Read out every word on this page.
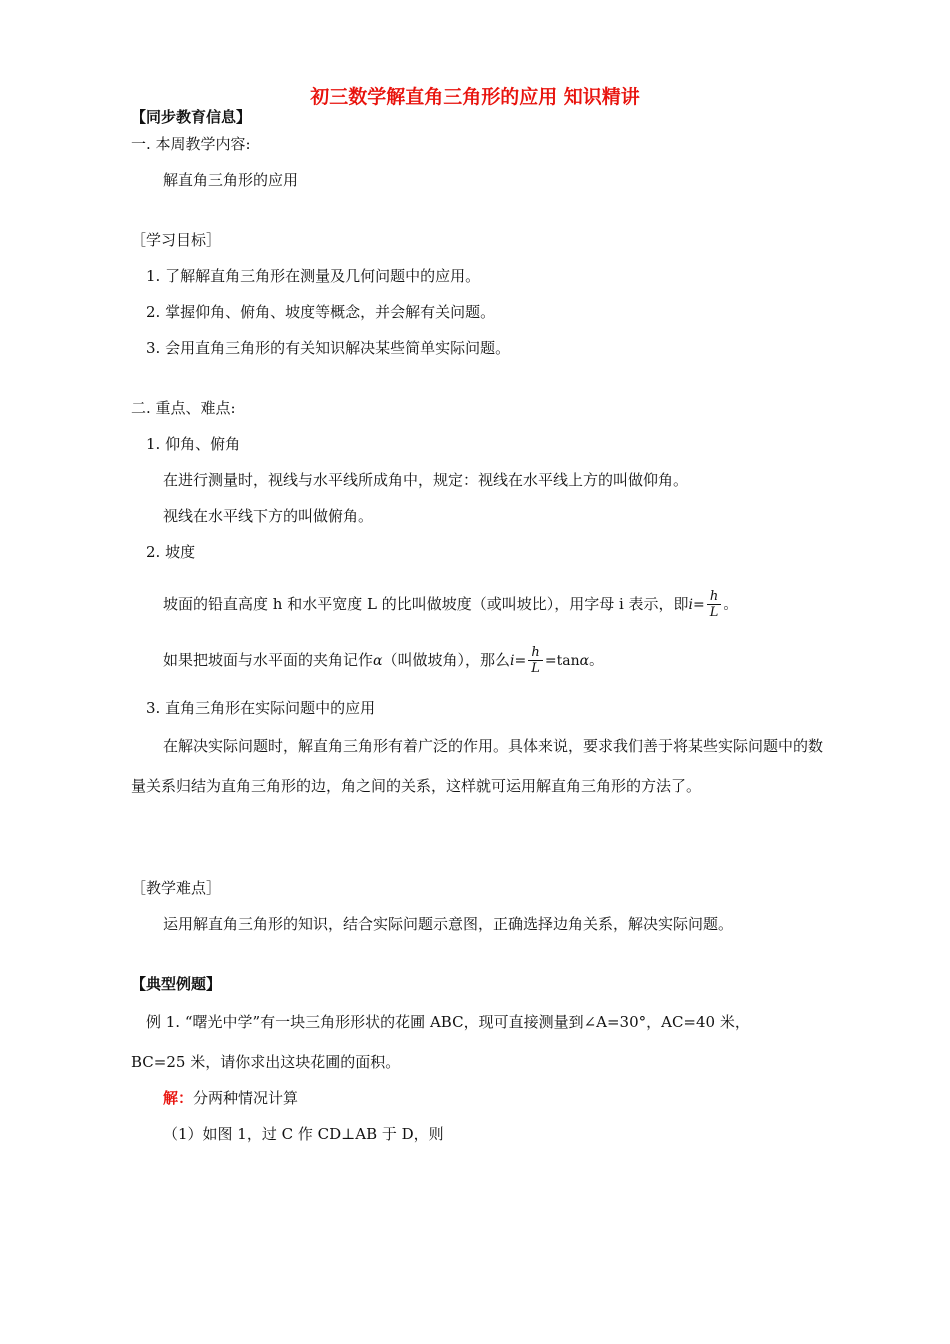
初三数学解直角三角形的应用 知识精讲
【同步教育信息】
一. 本周教学内容:
解直角三角形的应用
［学习目标］
1. 了解解直角三角形在测量及几何问题中的应用。
2. 掌握仰角、俯角、坡度等概念，并会解有关问题。
3. 会用直角三角形的有关知识解决某些简单实际问题。
二. 重点、难点:
1. 仰角、俯角
在进行测量时，视线与水平线所成角中，规定：视线在水平线上方的叫做仰角。
视线在水平线下方的叫做俯角。
2. 坡度
坡面的铅直高度 h 和水平宽度 L 的比叫做坡度（或叫坡比），用字母 i 表示，即$i= \frac{h}{L}$ 。
如果把坡面与水平面的夹角记作α（叫做坡角），那么$i= \frac{h}{L} =\tan\alpha$。
3. 直角三角形在实际问题中的应用
在解决实际问题时，解直角三角形有着广泛的作用。具体来说，要求我们善于将某些实际问题中的数量关系归结为直角三角形的边，角之间的关系，这样就可运用解直角三角形的方法了。
［教学难点］
运用解直角三角形的知识，结合实际问题示意图，正确选择边角关系，解决实际问题。
【典型例题】
例 1. “曙光中学”有一块三角形形状的花圃 ABC，现可直接测量到∠A=30°，AC=40 米，
BC=25 米，请你求出这块花圃的面积。
解：分两种情况计算
（1）如图 1，过 C 作 CD⊥AB 于 D，则
